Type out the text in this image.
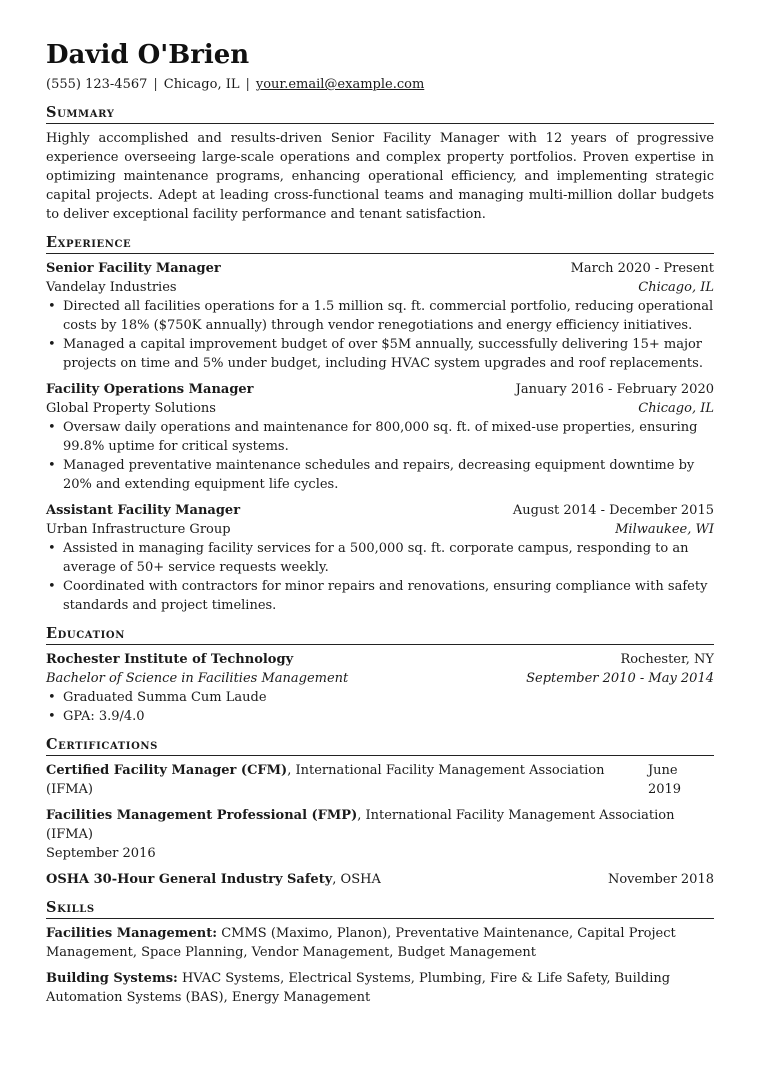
David O'Brien
(555) 123-4567 | Chicago, IL | your.email@example.com
Summary

Highly accomplished and results-driven Senior Facility Manager with 12 years of progressive experience overseeing large-scale operations and complex property portfolios. Proven expertise in optimizing maintenance programs, enhancing operational efficiency, and implementing strategic capital projects. Adept at leading cross-functional teams and managing multi-million dollar budgets to deliver exceptional facility performance and tenant satisfaction.

Experience
Senior Facility Manager	March 2020 - Present
Vandelay Industries	Chicago, IL
• Directed all facilities operations for a 1.5 million sq. ft. commercial portfolio, reducing operational costs by 18% ($750K annually) through vendor renegotiations and energy efficiency initiatives.
• Managed a capital improvement budget of over $5M annually, successfully delivering 15+ major projects on time and 5% under budget, including HVAC system upgrades and roof replacements.
Facility Operations Manager	January 2016 - February 2020
Global Property Solutions	Chicago, IL
• Oversaw daily operations and maintenance for 800,000 sq. ft. of mixed-use properties, ensuring 99.8% uptime for critical systems.
• Managed preventative maintenance schedules and repairs, decreasing equipment downtime by 20% and extending equipment life cycles.
Assistant Facility Manager	August 2014 - December 2015
Urban Infrastructure Group	Milwaukee, WI
• Assisted in managing facility services for a 500,000 sq. ft. corporate campus, responding to an average of 50+ service requests weekly.
• Coordinated with contractors for minor repairs and renovations, ensuring compliance with safety standards and project timelines.
Education
Rochester Institute of Technology	Rochester, NY
Bachelor of Science in Facilities Management	September 2010 - May 2014
• Graduated Summa Cum Laude
• GPA: 3.9/4.0
Certifications
Certified Facility Manager (CFM), International Facility Management Association (IFMA)
June 2019
Facilities Management Professional (FMP), International Facility Management Association (IFMA)
September 2016
OSHA 30-Hour General Industry Safety, OSHA	November 2018
Skills
Facilities Management: CMMS (Maximo, Planon), Preventative Maintenance, Capital Project Management, Space Planning, Vendor Management, Budget Management
Building Systems: HVAC Systems, Electrical Systems, Plumbing, Fire & Life Safety, Building Automation Systems (BAS), Energy Management
